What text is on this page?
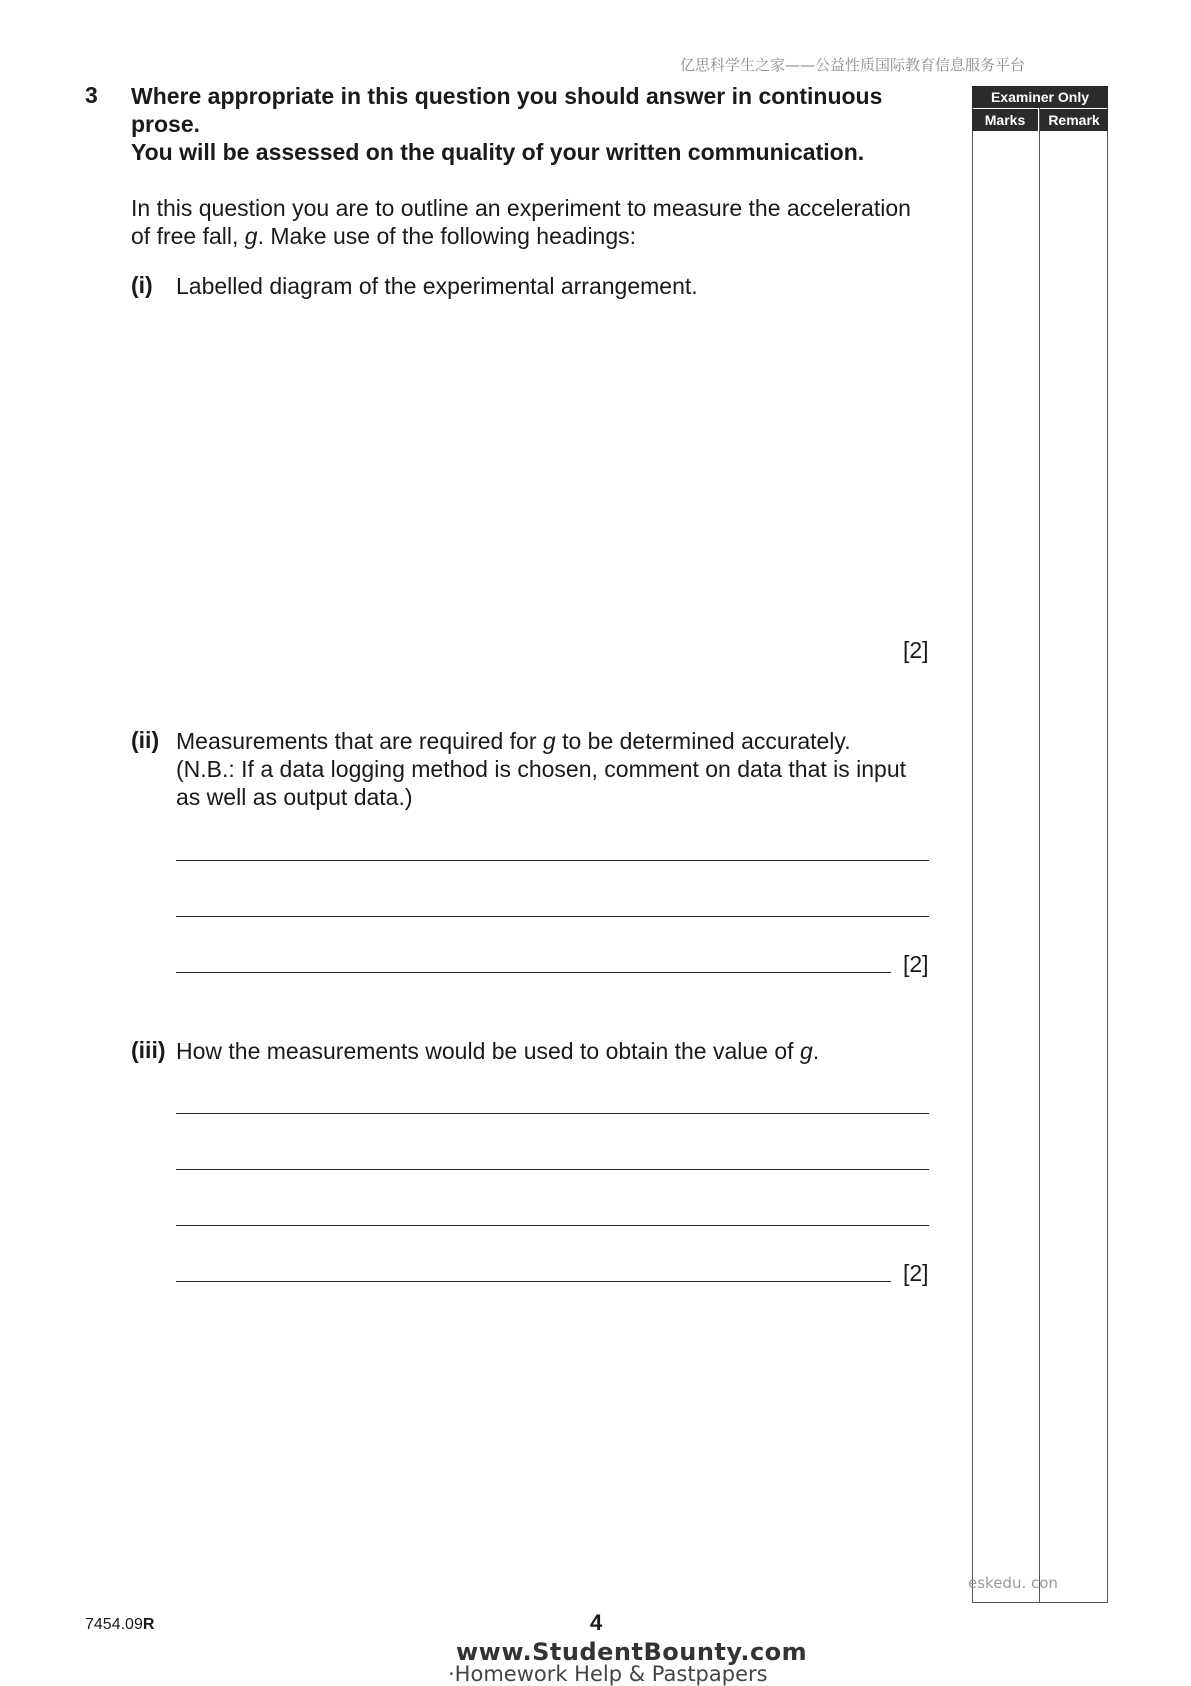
亿思科学生之家——公益性质国际教育信息服务平台
3 Where appropriate in this question you should answer in continuous prose.
You will be assessed on the quality of your written communication.
In this question you are to outline an experiment to measure the acceleration of free fall, g. Make use of the following headings:
(i) Labelled diagram of the experimental arrangement.
[2]
(ii) Measurements that are required for g to be determined accurately.
(N.B.: If a data logging method is chosen, comment on data that is input as well as output data.)
[2]
(iii) How the measurements would be used to obtain the value of g.
[2]
Examiner Only
Marks	Remark
eskedu. con
7454.09R	4
www.StudentBounty.com
·Homework Help & Pastpapers
